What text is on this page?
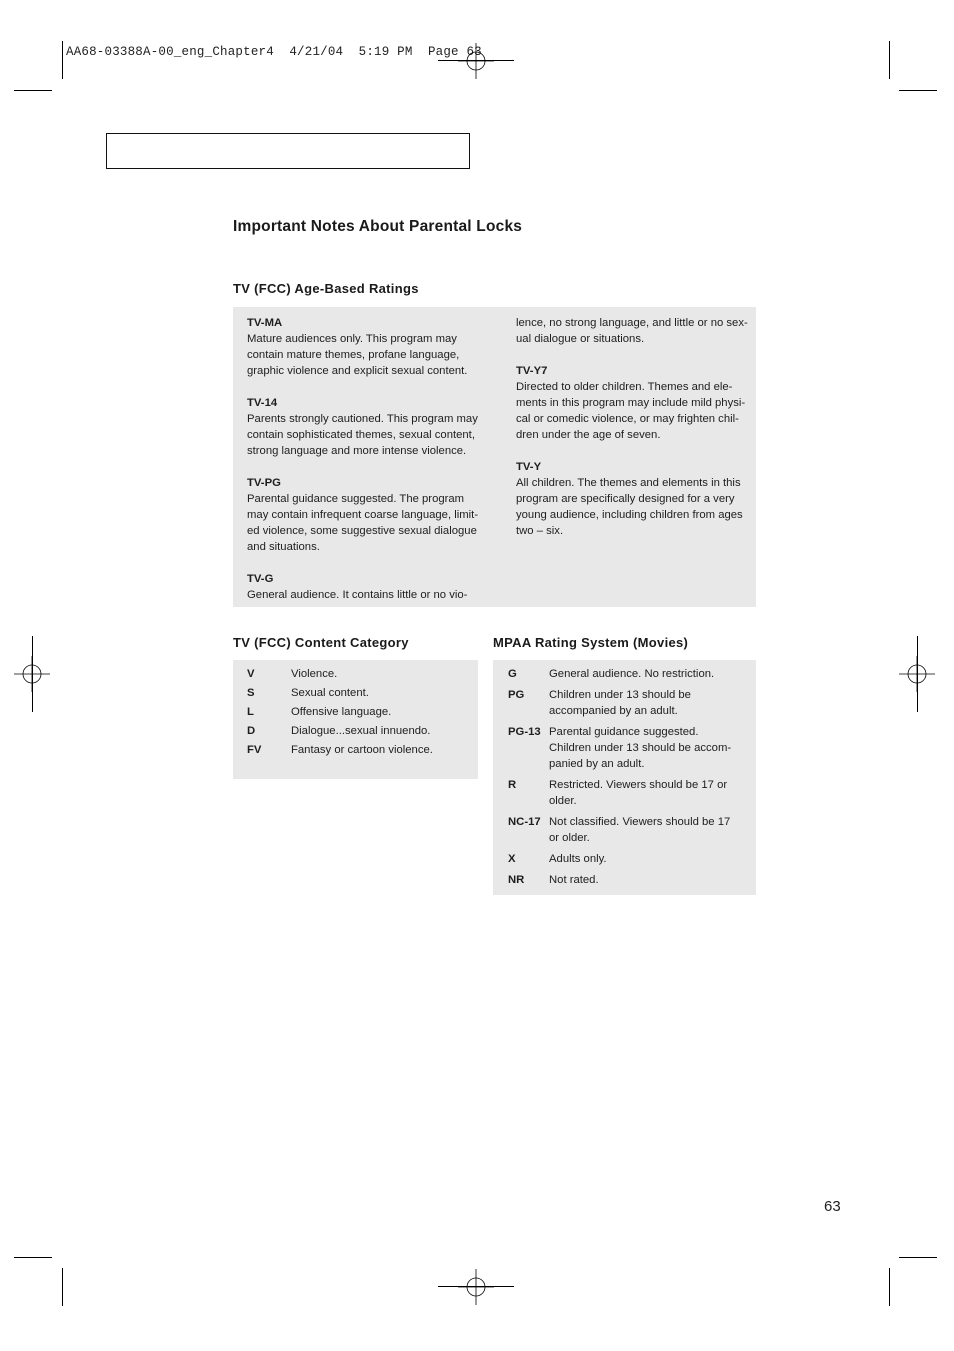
AA68-03388A-00_eng_Chapter4  4/21/04  5:19 PM  Page 63
Important Notes About Parental Locks
TV (FCC) Age-Based Ratings
TV-MA
Mature audiences only. This program may
contain mature themes, profane language,
graphic violence and explicit sexual content.
TV-14
Parents strongly cautioned. This program may
contain sophisticated themes, sexual content,
strong language and more intense violence.
TV-PG
Parental guidance suggested. The program
may contain infrequent coarse language, limit-
ed violence, some suggestive sexual dialogue
and situations.
TV-G
General audience. It contains little or no vio-
lence, no strong language, and little or no sex-
ual dialogue or situations.
TV-Y7
Directed to older children. Themes and ele-
ments in this program may include mild physi-
cal or comedic violence, or may frighten chil-
dren under the age of seven.
TV-Y
All children. The themes and elements in this
program are specifically designed for a very
young audience, including children from ages
two – six.
TV (FCC) Content Category
V	Violence.
S	Sexual content.
L	Offensive language.
D	Dialogue...sexual innuendo.
FV	Fantasy or cartoon violence.
MPAA Rating System (Movies)
G	General audience. No restriction.
PG Children under 13 should be
accompanied by an adult.
PG-13 Parental guidance suggested.
Children under 13 should be accom-
panied by an adult.
R	Restricted. Viewers should be 17 or
older.
NC-17 Not classified. Viewers should be 17
or older.
X	Adults only.
NR Not rated.
63
